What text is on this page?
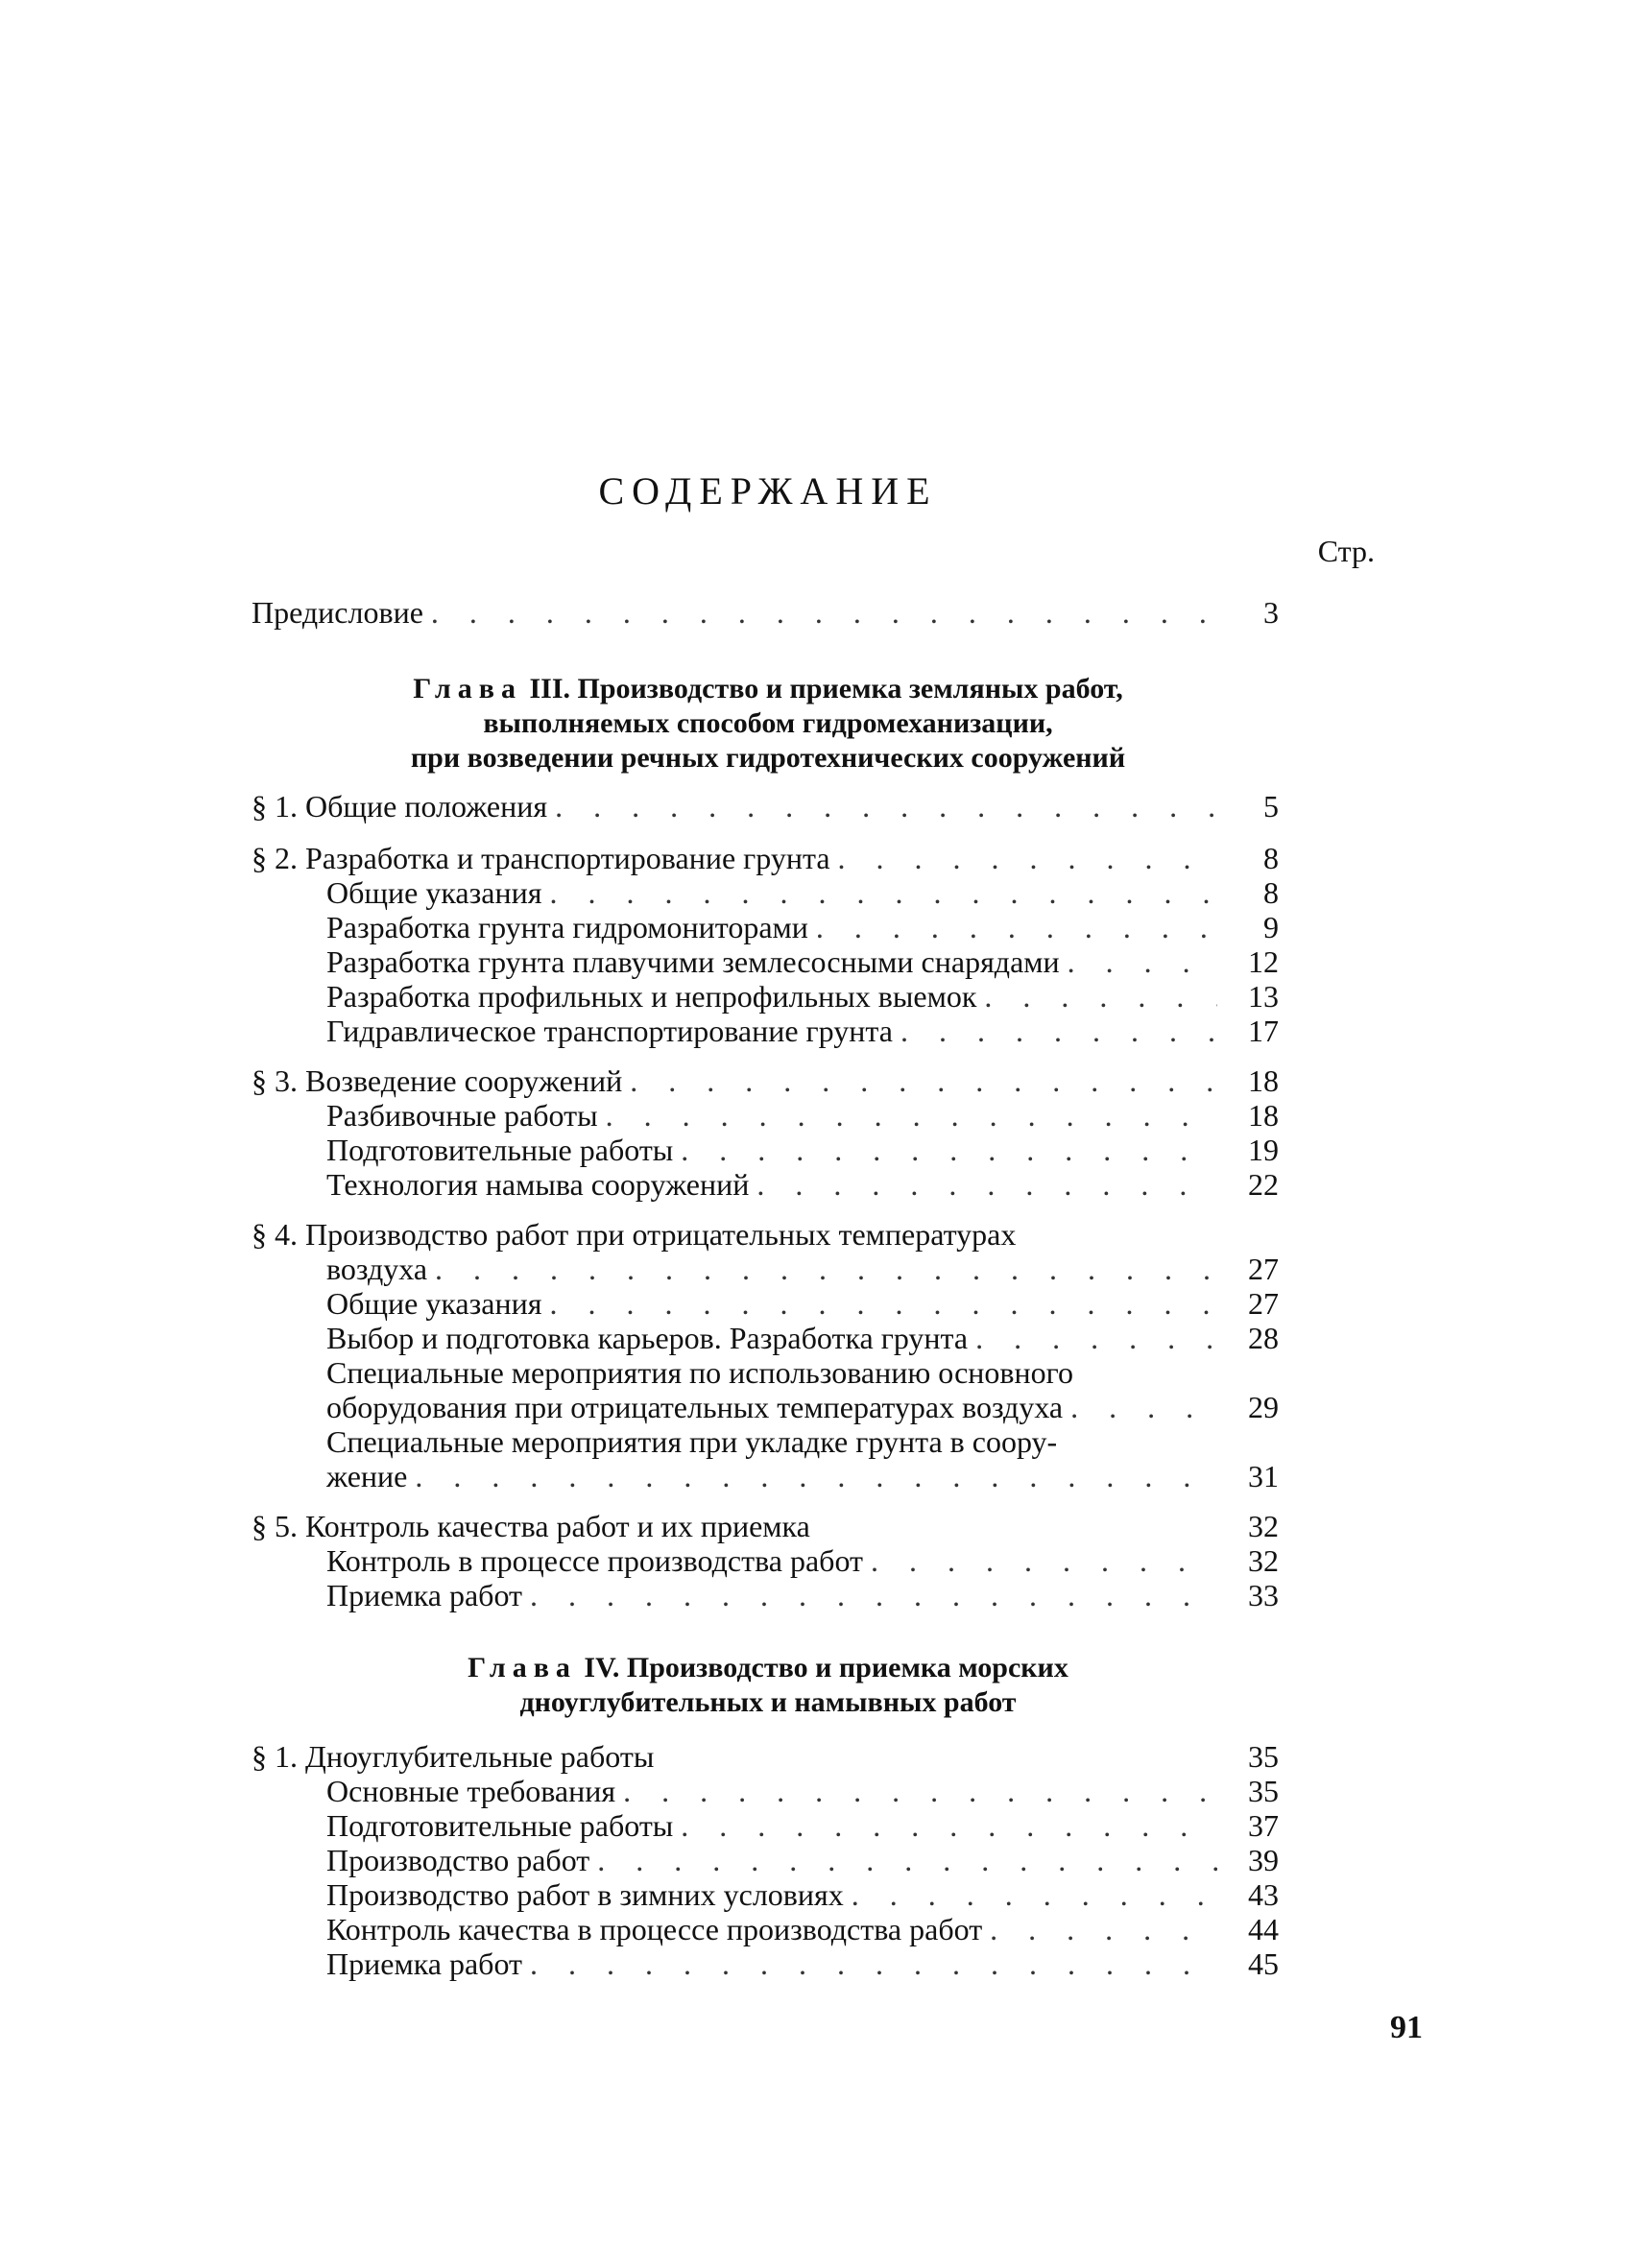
СОДЕРЖАНИЕ
Стр.
Предисловие . . .	3
Глава III. Производство и приемка земляных работ,
выполняемых способом гидромеханизации,
при возведении речных гидротехнических сооружений
§ 1. Общие положения . . .	5
§ 2. Разработка и транспортирование грунта . . .	8
Общие указания . . .	8
Разработка грунта гидромониторами . . .	9
Разработка грунта плавучими землесосными снарядами . . .	12
Разработка профильных и непрофильных выемок . . .	13
Гидравлическое транспортирование грунта . . .	17
§ 3. Возведение сооружений . . .	18
Разбивочные работы . . .	18
Подготовительные работы . . .	19
Технология намыва сооружений . . .	22
§ 4. Производство работ при отрицательных температурах
воздуха . . .	27
Общие указания . . .	27
Выбор и подготовка карьеров. Разработка грунта . . .	28
Специальные мероприятия по использованию основного
оборудования при отрицательных температурах воздуха . . .	29
Специальные мероприятия при укладке грунта в соору-
жение . . .	31
§ 5. Контроль качества работ и их приемка	32
Контроль в процессе производства работ . . .	32
Приемка работ . . .	33
Глава IV. Производство и приемка морских
дноуглубительных и намывных работ
§ 1. Дноуглубительные работы	35
Основные требования . . .	35
Подготовительные работы . . .	37
Производство работ . . .	39
Производство работ в зимних условиях . . .	43
Контроль качества в процессе производства работ . . .	44
Приемка работ . . .	45
91
